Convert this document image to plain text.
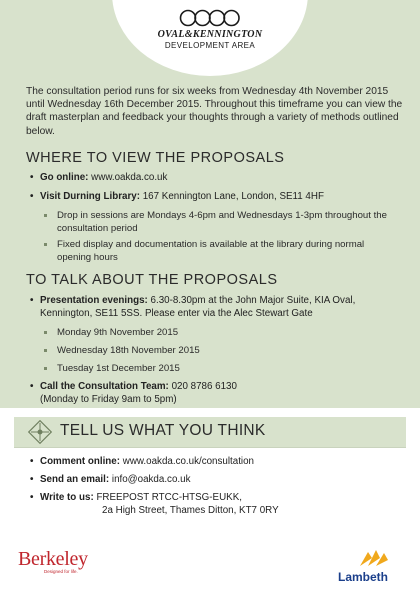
OVAL&KENNINGTON
DEVELOPMENT AREA
The consultation period runs for six weeks from Wednesday 4th November 2015 until Wednesday 16th December 2015. Throughout this timeframe you can view the draft masterplan and feedback your thoughts through a variety of methods outlined below.
WHERE TO VIEW THE PROPOSALS
• Go online: www.oakda.co.uk
• Visit Durning Library: 167 Kennington Lane, London, SE11 4HF
Drop in sessions are Mondays 4-6pm and Wednesdays 1-3pm throughout the consultation period
Fixed display and documentation is available at the library during normal opening hours
TO TALK ABOUT THE PROPOSALS
• Presentation evenings: 6.30-8.30pm at the John Major Suite, KIA Oval, Kennington, SE11 5SS. Please enter via the Alec Stewart Gate
Monday 9th November 2015
Wednesday 18th November 2015
Tuesday 1st December 2015
• Call the Consultation Team: 020 8786 6130
(Monday to Friday 9am to 5pm)
TELL US WHAT YOU THINK
• Comment online: www.oakda.co.uk/consultation
• Send an email: info@oakda.co.uk
• Write to us: FREEPOST RTCC-HTSG-EUKK,
2a High Street, Thames Ditton, KT7 0RY
Berkeley
Designed for life.	Lambeth
